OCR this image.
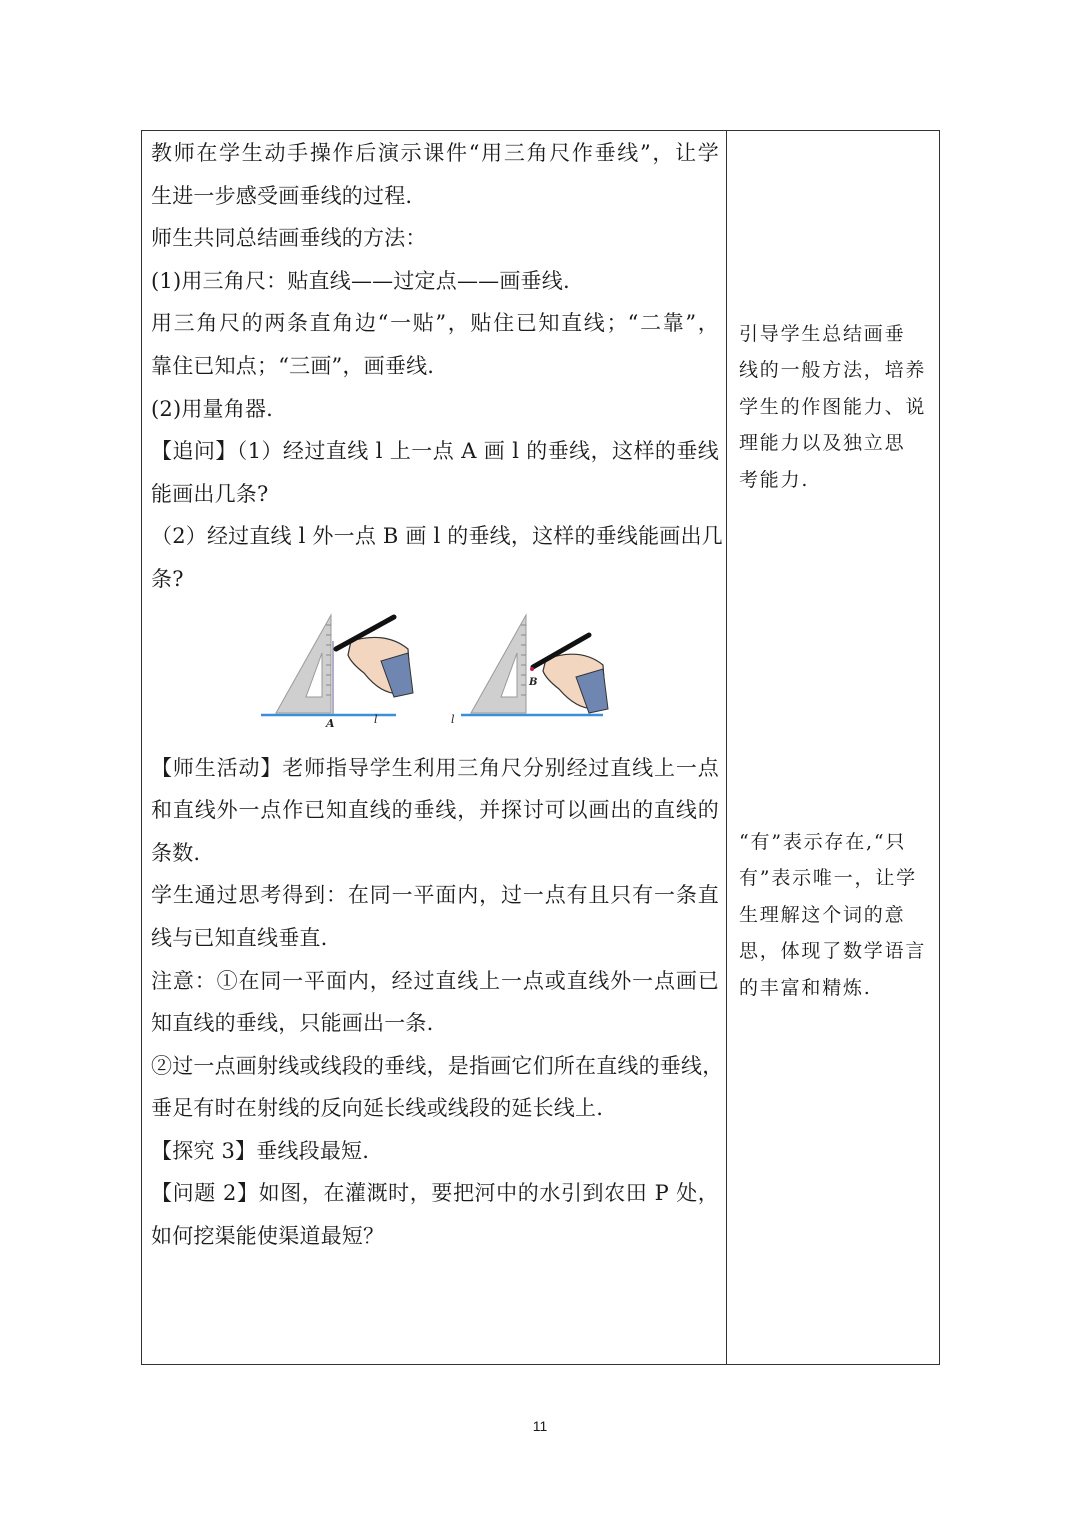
教师在学生动手操作后演示课件“用三角尺作垂线”，让学
生进一步感受画垂线的过程.
师生共同总结画垂线的方法：
(1)用三角尺：贴直线——过定点——画垂线.
用三角尺的两条直角边“一贴”，贴住已知直线；“二靠”，
靠住已知点；“三画”，画垂线.
(2)用量角器.
【追问】（1）经过直线 l 上一点 A 画 l 的垂线，这样的垂线
能画出几条?
（2）经过直线 l 外一点 B 画 l 的垂线，这样的垂线能画出几
条?
A	l
B
l
【师生活动】老师指导学生利用三角尺分别经过直线上一点
和直线外一点作已知直线的垂线，并探讨可以画出的直线的
条数.
学生通过思考得到：在同一平面内，过一点有且只有一条直
线与已知直线垂直.
注意：①在同一平面内，经过直线上一点或直线外一点画已
知直线的垂线，只能画出一条.
②过一点画射线或线段的垂线，是指画它们所在直线的垂线，
垂足有时在射线的反向延长线或线段的延长线上.
【探究 3】垂线段最短.
【问题 2】如图，在灌溉时，要把河中的水引到农田 P 处，
如何挖渠能使渠道最短？
引导学生总结画垂
线的一般方法，培养
学生的作图能力、说
理能力以及独立思
考能力.
“有”表示存在,“只
有”表示唯一，让学
生理解这个词的意
思，体现了数学语言
的丰富和精炼.
11
